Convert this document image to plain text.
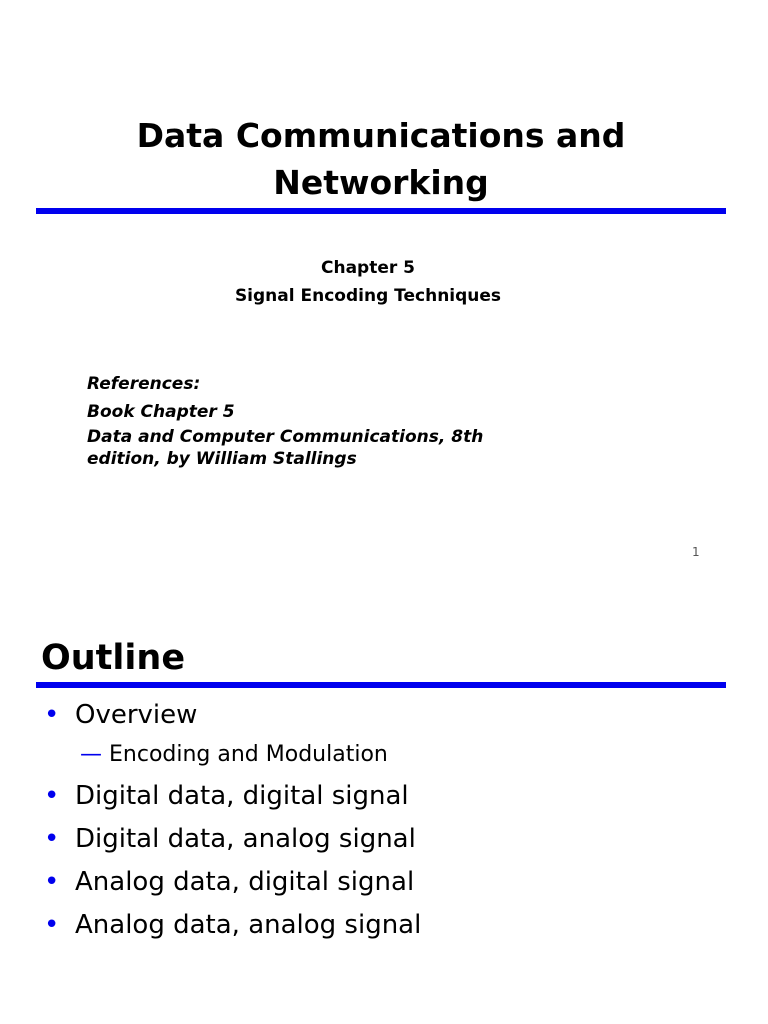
Data Communications and
Networking
Chapter 5
Signal Encoding Techniques
References:
Book Chapter 5
Data and Computer Communications, 8th
edition, by William Stallings
1
Outline
• Overview
— Encoding and Modulation
• Digital data, digital signal
• Digital data, analog signal
• Analog data, digital signal
• Analog data, analog signal
